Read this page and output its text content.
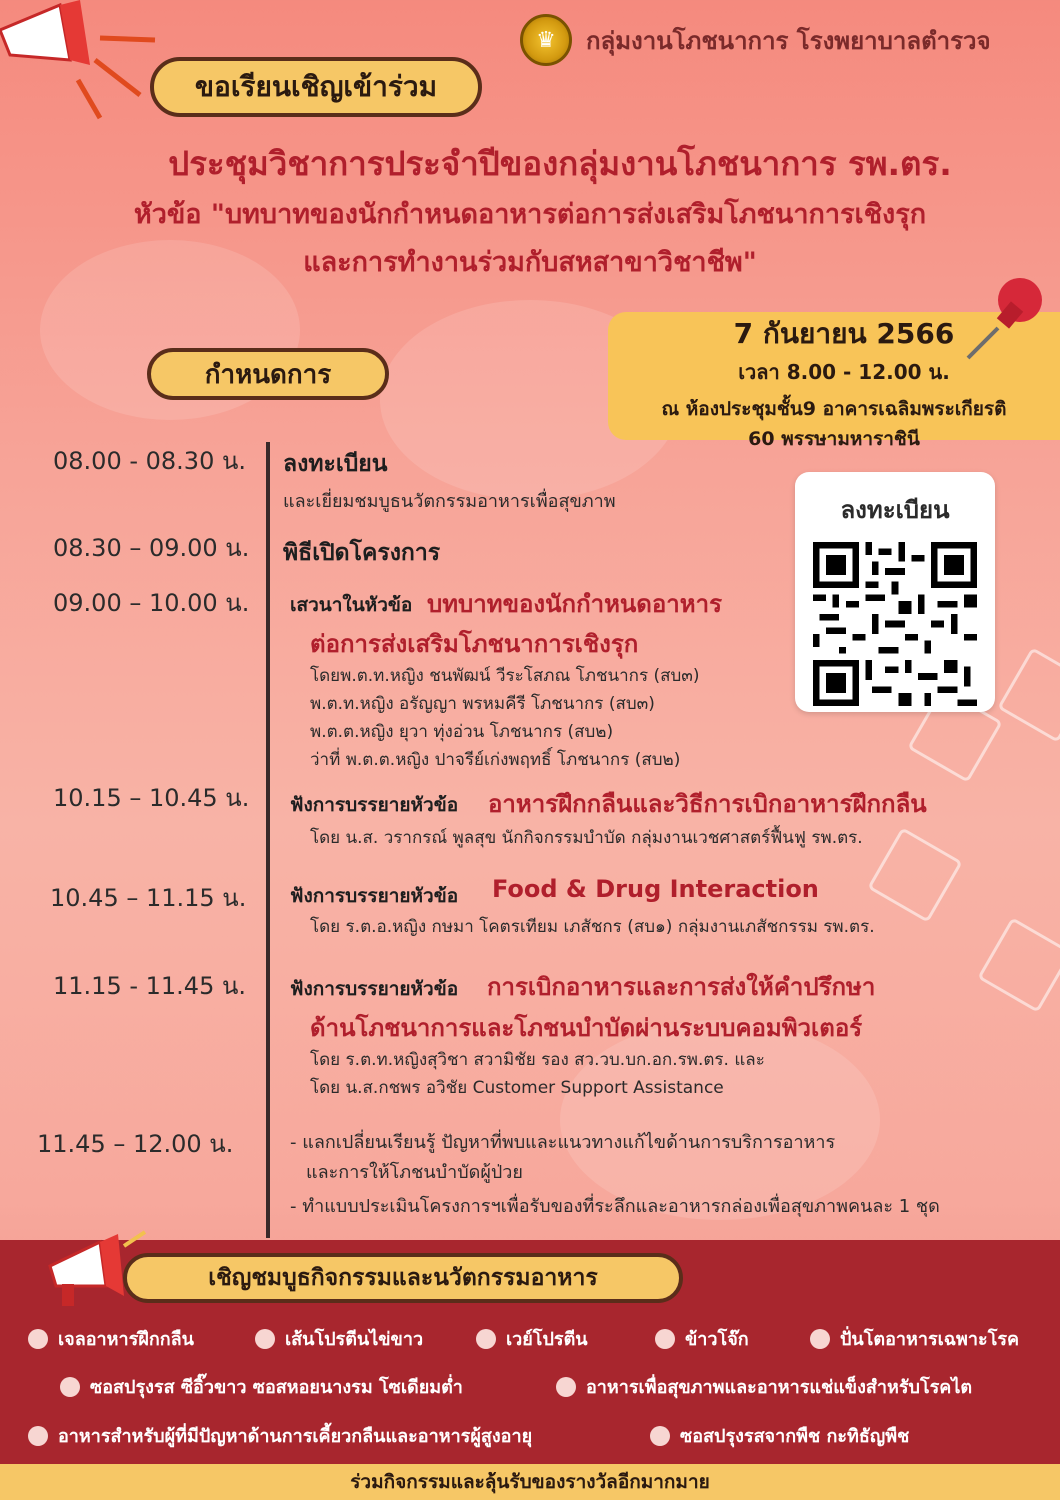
♛	กลุ่มงานโภชนาการ โรงพยาบาลตำรวจ
ขอเรียนเชิญเข้าร่วม
ประชุมวิชาการประจำปีของกลุ่มงานโภชนาการ รพ.ตร.
หัวข้อ "บทบาทของนักกำหนดอาหารต่อการส่งเสริมโภชนาการเชิงรุก
และการทำงานร่วมกับสหสาขาวิชาชีพ"
7 กันยายน 2566
เวลา 8.00 - 12.00 น.
ณ ห้องประชุมชั้น9 อาคารเฉลิมพระเกียรติ
60 พรรษามหาราชินี
กำหนดการ
08.00 - 08.30 น. ลงทะเบียน
และเยี่ยมชมบูธนวัตกรรมอาหารเพื่อสุขภาพ
08.30 – 09.00 น. พิธีเปิดโครงการ
09.00 – 10.00 น. เสวนาในหัวข้อ บทบาทของนักกำหนดอาหาร
ต่อการส่งเสริมโภชนาการเชิงรุก
โดยพ.ต.ท.หญิง ชนพัฒน์ วีระโสภณ โภชนากร (สบ๓)
พ.ต.ท.หญิง อรัญญา พรหมคีรี โภชนากร (สบ๓)
พ.ต.ต.หญิง ยุวา ทุ่งอ่วน โภชนากร (สบ๒)
ว่าที่ พ.ต.ต.หญิง ปาจรีย์เก่งพฤทธิ์ โภชนากร (สบ๒)
10.15 – 10.45 น. ฟังการบรรยายหัวข้อ อาหารฝึกกลืนและวิธีการเบิกอาหารฝึกกลืน
โดย น.ส. วรากรณ์ พูลสุข นักกิจกรรมบำบัด กลุ่มงานเวชศาสตร์ฟื้นฟู รพ.ตร.
10.45 – 11.15 น. ฟังการบรรยายหัวข้อ Food & Drug Interaction
โดย ร.ต.อ.หญิง กษมา โคตรเทียม เภสัชกร (สบ๑) กลุ่มงานเภสัชกรรม รพ.ตร.
11.15 - 11.45 น. ฟังการบรรยายหัวข้อ การเบิกอาหารและการส่งให้คำปรึกษา
ด้านโภชนาการและโภชนบำบัดผ่านระบบคอมพิวเตอร์
โดย ร.ต.ท.หญิงสุวิชา สวามิชัย รอง สว.วบ.บก.อก.รพ.ตร. และ
โดย น.ส.กชพร อวิชัย Customer Support Assistance
11.45 – 12.00 น.	- แลกเปลี่ยนเรียนรู้ ปัญหาที่พบและแนวทางแก้ไขด้านการบริการอาหาร
และการให้โภชนบำบัดผู้ป่วย
- ทำแบบประเมินโครงการฯเพื่อรับของที่ระลึกและอาหารกล่องเพื่อสุขภาพคนละ 1 ชุด
ลงทะเบียน
เชิญชมบูธกิจกรรมและนวัตกรรมอาหาร
เจลอาหารฝึกกลืน	เส้นโปรตีนไข่ขาว	เวย์โปรตีน	ข้าวโจ๊ก	ปั่นโตอาหารเฉพาะโรค
ซอสปรุงรส ซีอิ๊วขาว ซอสหอยนางรม โซเดียมต่ำ	อาหารเพื่อสุขภาพและอาหารแช่แข็งสำหรับโรคไต
อาหารสำหรับผู้ที่มีปัญหาด้านการเคี้ยวกลืนและอาหารผู้สูงอายุ	ซอสปรุงรสจากพืช กะทิธัญพืช
ร่วมกิจกรรมและลุ้นรับของรางวัลอีกมากมาย
